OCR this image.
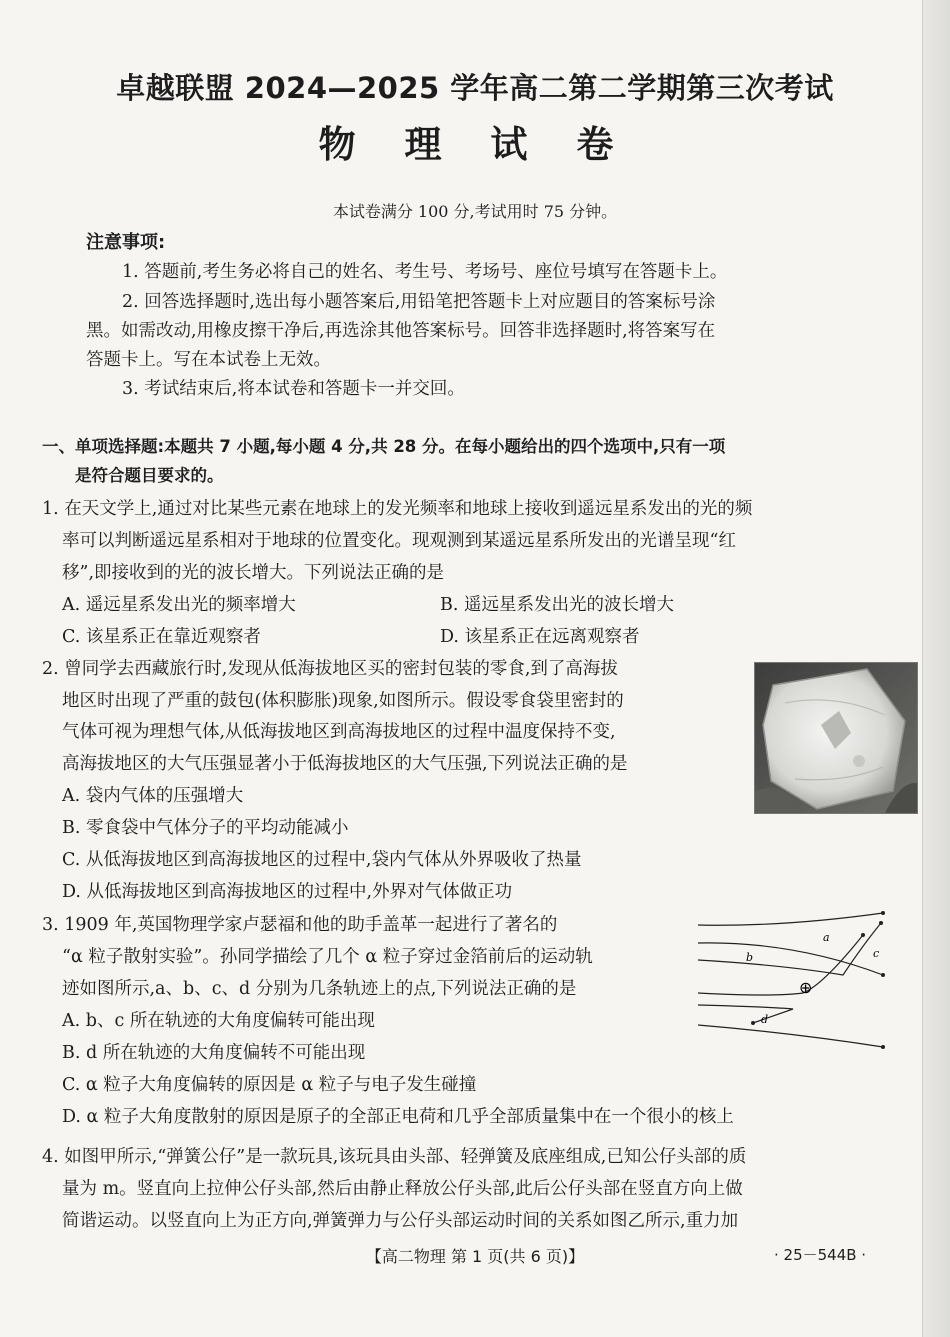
卓越联盟 2024—2025 学年高二第二学期第三次考试
物 理 试 卷
本试卷满分 100 分,考试用时 75 分钟。
注意事项:
1. 答题前,考生务必将自己的姓名、考生号、考场号、座位号填写在答题卡上。
2. 回答选择题时,选出每小题答案后,用铅笔把答题卡上对应题目的答案标号涂
黑。如需改动,用橡皮擦干净后,再选涂其他答案标号。回答非选择题时,将答案写在
答题卡上。写在本试卷上无效。
3. 考试结束后,将本试卷和答题卡一并交回。
一、单项选择题:本题共 7 小题,每小题 4 分,共 28 分。在每小题给出的四个选项中,只有一项
是符合题目要求的。
1. 在天文学上,通过对比某些元素在地球上的发光频率和地球上接收到遥远星系发出的光的频
率可以判断遥远星系相对于地球的位置变化。现观测到某遥远星系所发出的光谱呈现“红
移”,即接收到的光的波长增大。下列说法正确的是
A. 遥远星系发出光的频率增大	B. 遥远星系发出光的波长增大
C. 该星系正在靠近观察者	D. 该星系正在远离观察者
2. 曾同学去西藏旅行时,发现从低海拔地区买的密封包装的零食,到了高海拔
地区时出现了严重的鼓包(体积膨胀)现象,如图所示。假设零食袋里密封的
气体可视为理想气体,从低海拔地区到高海拔地区的过程中温度保持不变,
高海拔地区的大气压强显著小于低海拔地区的大气压强,下列说法正确的是
A. 袋内气体的压强增大
B. 零食袋中气体分子的平均动能减小
C. 从低海拔地区到高海拔地区的过程中,袋内气体从外界吸收了热量
D. 从低海拔地区到高海拔地区的过程中,外界对气体做正功
3. 1909 年,英国物理学家卢瑟福和他的助手盖革一起进行了著名的
“α 粒子散射实验”。孙同学描绘了几个 α 粒子穿过金箔前后的运动轨
迹如图所示,a、b、c、d 分别为几条轨迹上的点,下列说法正确的是
A. b、c 所在轨迹的大角度偏转可能出现
B. d 所在轨迹的大角度偏转不可能出现
C. α 粒子大角度偏转的原因是 α 粒子与电子发生碰撞
D. α 粒子大角度散射的原因是原子的全部正电荷和几乎全部质量集中在一个很小的核上
a
b	c
d
⊕
4. 如图甲所示,“弹簧公仔”是一款玩具,该玩具由头部、轻弹簧及底座组成,已知公仔头部的质
量为 m。竖直向上拉伸公仔头部,然后由静止释放公仔头部,此后公仔头部在竖直方向上做
简谐运动。以竖直向上为正方向,弹簧弹力与公仔头部运动时间的关系如图乙所示,重力加
【高二物理 第 1 页(共 6 页)】	· 25－544B ·
